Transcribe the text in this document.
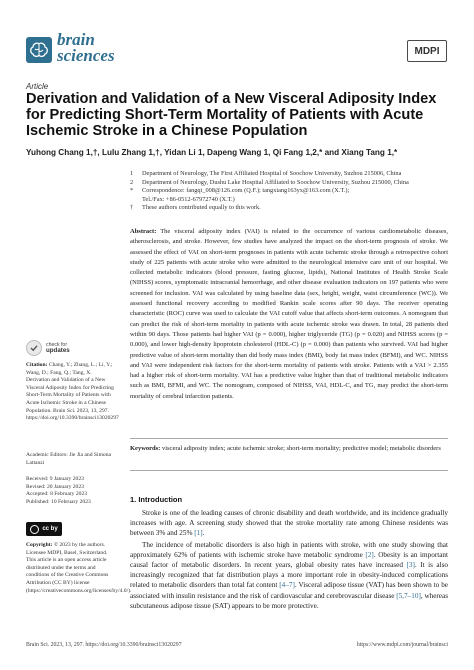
brain
sciences	MDPI
Article
Derivation and Validation of a New Visceral Adiposity Index for Predicting Short-Term Mortality of Patients with Acute Ischemic Stroke in a Chinese Population
Yuhong Chang 1,†, Lulu Zhang 1,†, Yidan Li 1, Dapeng Wang 1, Qi Fang 1,2,* and Xiang Tang 1,*
1	Department of Neurology, The First Affiliated Hospital of Soochow University, Suzhou 215006, China
2	Department of Neurology, Dushu Lake Hospital Affiliated to Soochow University, Suzhou 215000, China
*	Correspondence: fangqi_008@126.com (Q.F.); tangxiang163yx@163.com (X.T.);
Tel./Fax: +86-0512-67972740 (X.T.)
†	These authors contributed equally to this work.
Abstract: The visceral adiposity index (VAI) is related to the occurrence of various cardiometabolic diseases, atherosclerosis, and stroke. However, few studies have analyzed the impact on the short-term prognosis of stroke. We assessed the effect of VAI on short-term prognoses in patients with acute ischemic stroke through a retrospective cohort study of 225 patients with acute stroke who were admitted to the neurological intensive care unit of our hospital. We collected metabolic indicators (blood pressure, fasting glucose, lipids), National Institutes of Health Stroke Scale (NIHSS) scores, symptomatic intracranial hemorrhage, and other disease evaluation indicators on 197 patients who were screened for inclusion. VAI was calculated by using baseline data (sex, height, weight, waist circumference (WC)). We assessed functional recovery according to modified Rankin scale scores after 90 days. The receiver operating characteristic (ROC) curve was used to calculate the VAI cutoff value that affects short-term outcomes. A nomogram that can predict the risk of short-term mortality in patients with acute ischemic stroke was drawn. In total, 28 patients died within 90 days. Those patients had higher VAI (p = 0.000), higher triglyceride (TG) (p = 0.020) and NIHSS scores (p = 0.000), and lower high-density lipoprotein cholesterol (HDL-C) (p = 0.000) than patients who survived. VAI had higher predictive value of short-term mortality than did body mass index (BMI), body fat mass index (BFMI), and WC. NIHSS and VAI were independent risk factors for the short-term mortality of patients with stroke. Patients with a VAI > 2.355 had a higher risk of short-term mortality. VAI has a predictive value higher than that of traditional metabolic indicators such as BMI, BFMI, and WC. The nomogram, composed of NIHSS, VAI, HDL-C, and TG, may predict the short-term mortality of cerebral infarction patients.
Keywords: visceral adiposity index; acute ischemic stroke; short-term mortality; predictive model; metabolic disorders
1. Introduction

Stroke is one of the leading causes of chronic disability and death worldwide, and its incidence gradually increases with age. A screening study showed that the stroke mortality rate among Chinese residents was between 3% and 25% [1].

The incidence of metabolic disorders is also high in patients with stroke, with one study showing that approximately 62% of patients with ischemic stroke have metabolic syndrome [2]. Obesity is an important causal factor of metabolic disorders. In recent years, global obesity rates have increased [3]. It is also increasingly recognized that fat distribution plays a more important role in obesity-induced complications related to metabolic disorders than total fat content [4–7]. Visceral adipose tissue (VAT) has been shown to be associated with insulin resistance and the risk of cardiovascular and cerebrovascular disease [5,7–10], whereas subcutaneous adipose tissue (SAT) appears to be more protective.

check for
updates
Citation: Chang, Y.; Zhang, L.; Li, Y.; Wang, D.; Fang, Q.; Tang, X. Derivation and Validation of a New Visceral Adiposity Index for Predicting Short-Term Mortality of Patients with Acute Ischemic Stroke in a Chinese Population. Brain Sci. 2023, 13, 297. https://doi.org/10.3390/brainsci13020297
Academic Editors: Jie Jia and Simona Lattanzi
Received: 9 January 2023
Revised: 20 January 2023
Accepted: 8 February 2023
Published: 10 February 2023
cc by
Copyright: © 2023 by the authors. Licensee MDPI, Basel, Switzerland. This article is an open access article distributed under the terms and conditions of the Creative Commons Attribution (CC BY) license (https://creativecommons.org/licenses/by/4.0/).
Brain Sci. 2023, 13, 297. https://doi.org/10.3390/brainsci13020297	https://www.mdpi.com/journal/brainsci
